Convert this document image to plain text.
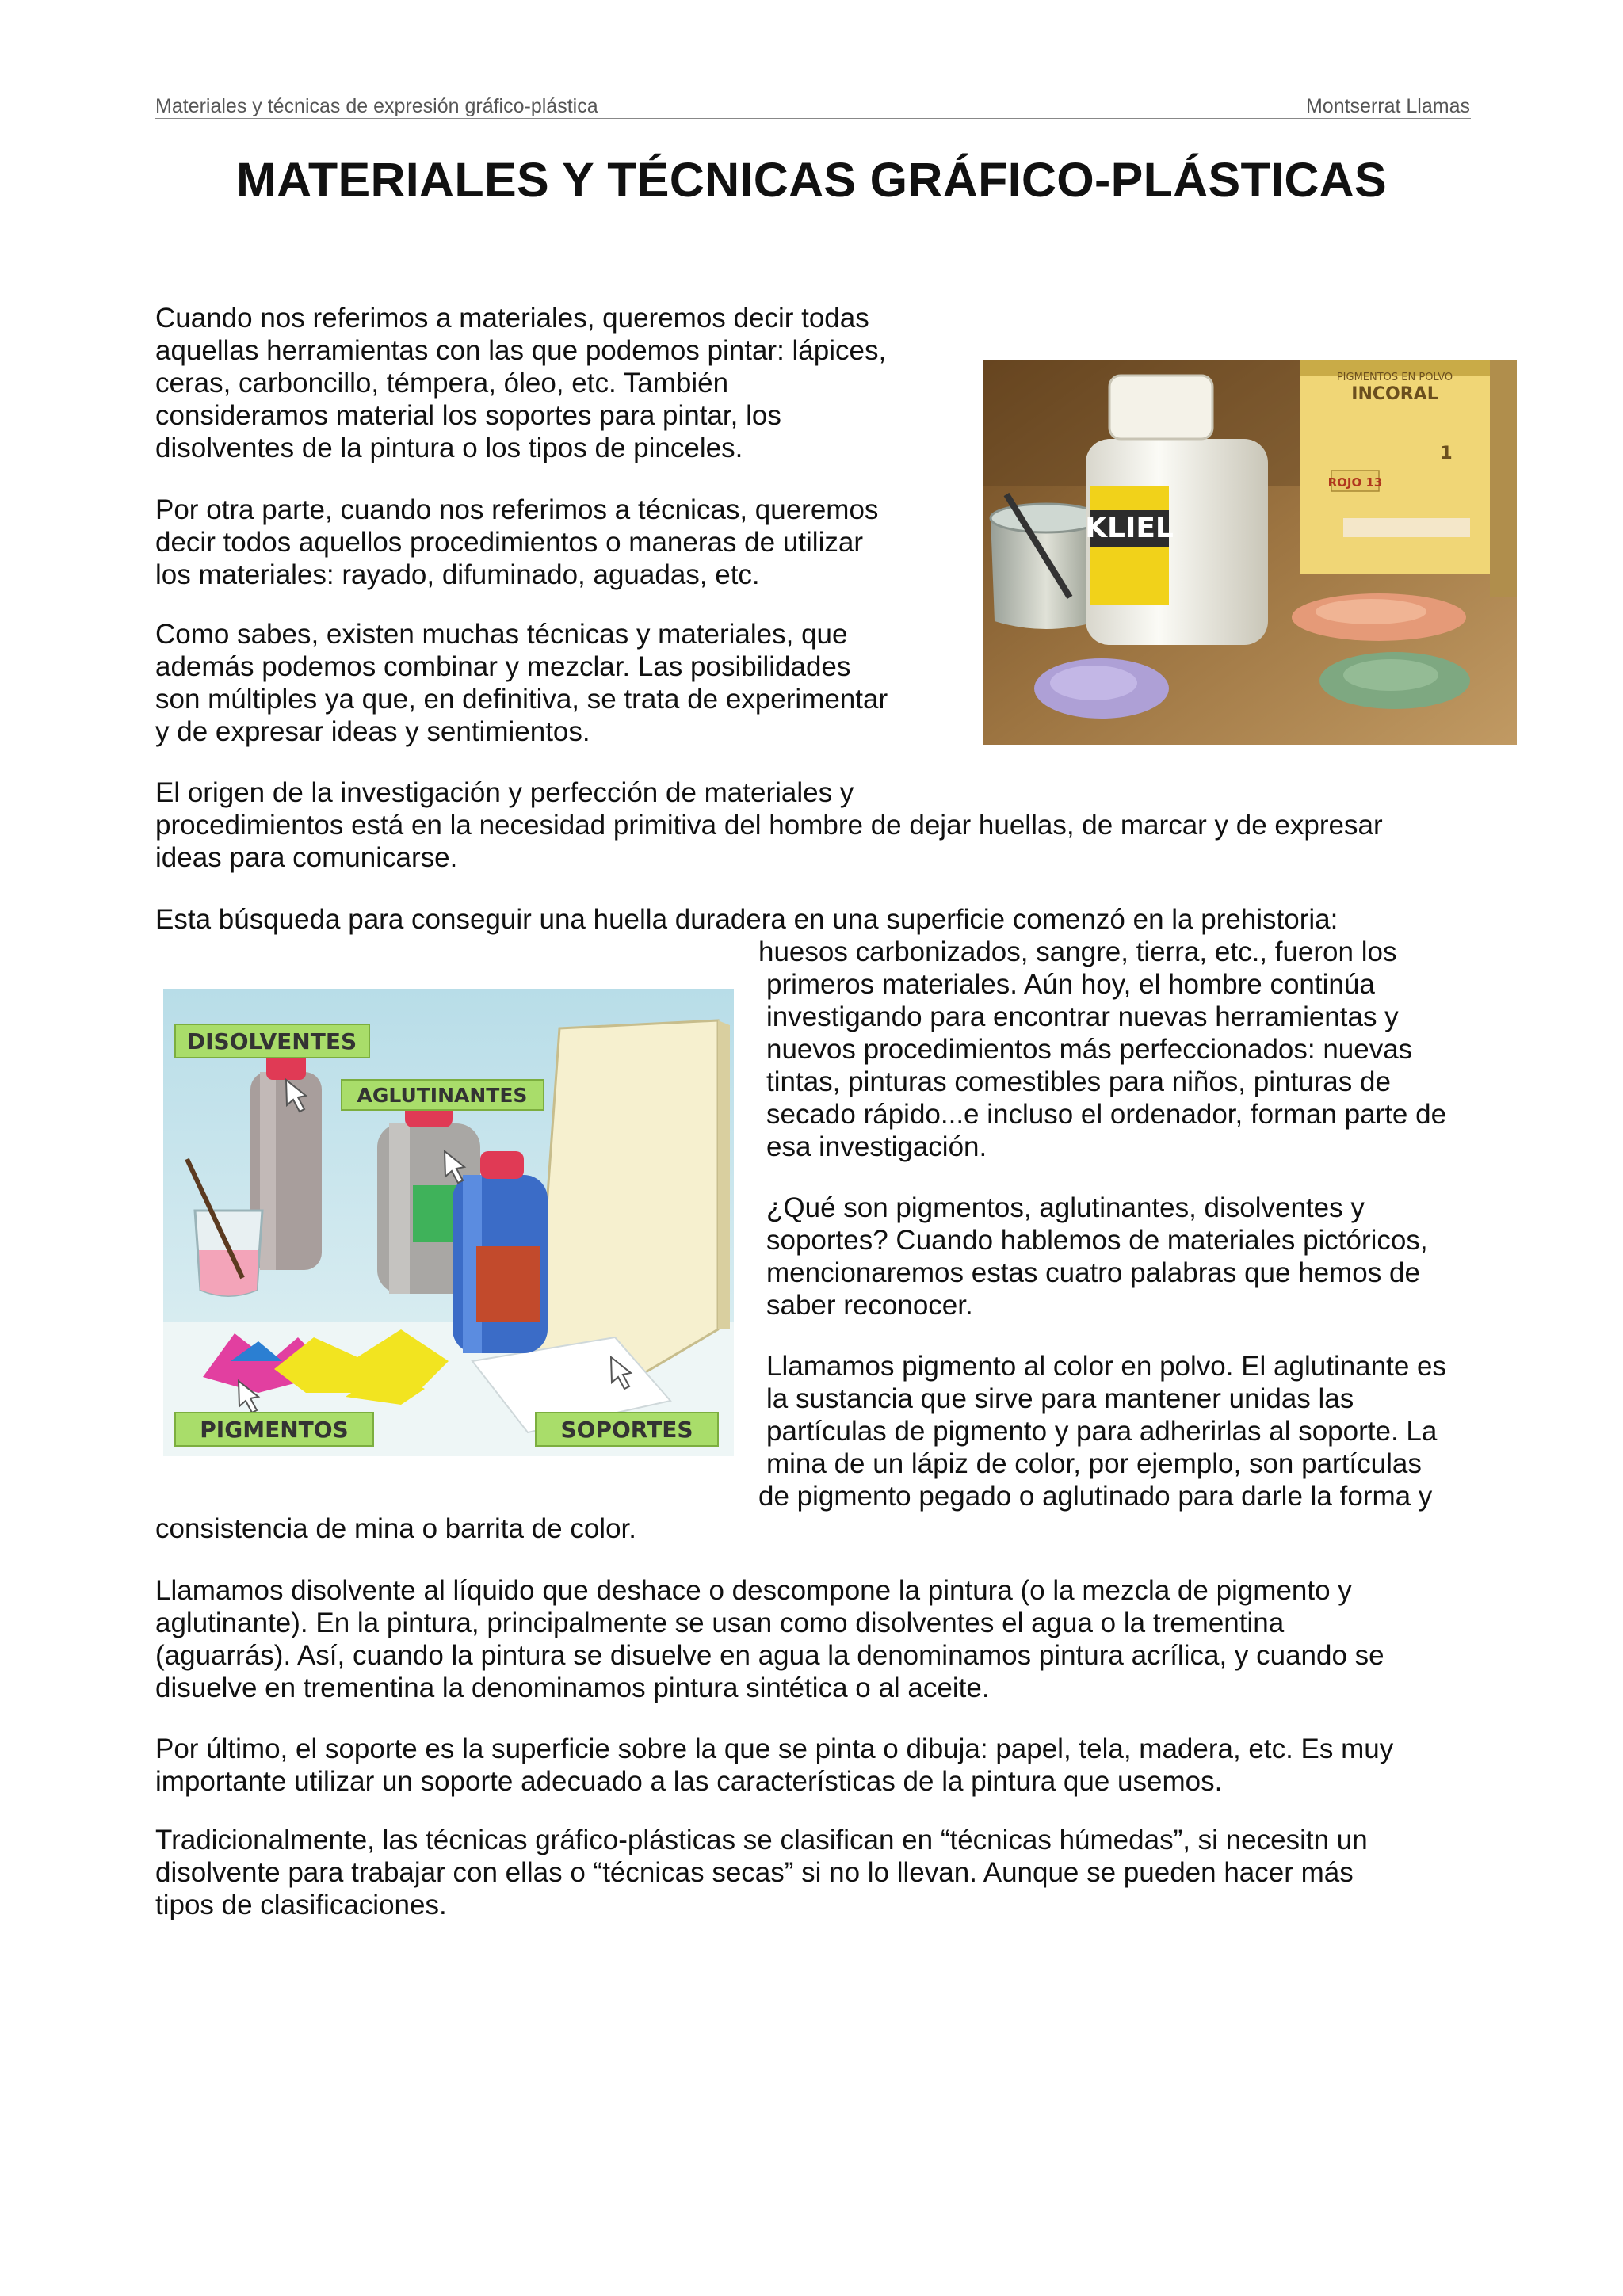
Materiales y técnicas de expresión gráfico-plástica	Montserrat Llamas
MATERIALES Y TÉCNICAS GRÁFICO-PLÁSTICAS
Cuando nos referimos a materiales, queremos decir todas
aquellas herramientas con las que podemos pintar: lápices,
ceras, carboncillo, témpera, óleo, etc. También
consideramos material los soportes para pintar, los
disolventes de la pintura o los tipos de pinceles.
Por otra parte, cuando nos referimos a técnicas, queremos
decir todos aquellos procedimientos o maneras de utilizar
los materiales: rayado, difuminado, aguadas, etc.
Como sabes, existen muchas técnicas y materiales, que
además podemos combinar y mezclar. Las posibilidades
son múltiples ya que, en definitiva, se trata de experimentar
y de expresar ideas y sentimientos.
El origen de la investigación y perfección de materiales y
procedimientos está en la necesidad primitiva del hombre de dejar huellas, de marcar y de expresar
ideas para comunicarse.
Esta búsqueda para conseguir una huella duradera en una superficie comenzó en la prehistoria:
huesos carbonizados, sangre, tierra, etc., fueron los
primeros materiales. Aún hoy, el hombre continúa
investigando para encontrar nuevas herramientas y
nuevos procedimientos más perfeccionados: nuevas
tintas, pinturas comestibles para niños, pinturas de
secado rápido...e incluso el ordenador, forman parte de
esa investigación.
¿Qué son pigmentos, aglutinantes, disolventes y
soportes? Cuando hablemos de materiales pictóricos,
mencionaremos estas cuatro palabras que hemos de
saber reconocer.
Llamamos pigmento al color en polvo. El aglutinante es
la sustancia que sirve para mantener unidas las
partículas de pigmento y para adherirlas al soporte. La
mina de un lápiz de color, por ejemplo, son partículas
de pigmento pegado o aglutinado para darle la forma y
consistencia de mina o barrita de color.
Llamamos disolvente al líquido que deshace o descompone la pintura (o la mezcla de pigmento y
aglutinante). En la pintura, principalmente se usan como disolventes el agua o la trementina
(aguarrás). Así, cuando la pintura se disuelve en agua la denominamos pintura acrílica, y cuando se
disuelve en trementina la denominamos pintura sintética o al aceite.
Por último, el soporte es la superficie sobre la que se pinta o dibuja: papel, tela, madera, etc. Es muy
importante utilizar un soporte adecuado a las características de la pintura que usemos.
Tradicionalmente, las técnicas gráfico-plásticas se clasifican en “técnicas húmedas”, si necesitn un
disolvente para trabajar con ellas o “técnicas secas” si no lo llevan. Aunque se pueden hacer más
tipos de clasificaciones.
KLIEL
PIGMENTOS EN POLVO
INCORAL
1
ROJO 13
DISOLVENTES
AGLUTINANTES
PIGMENTOS	SOPORTES
